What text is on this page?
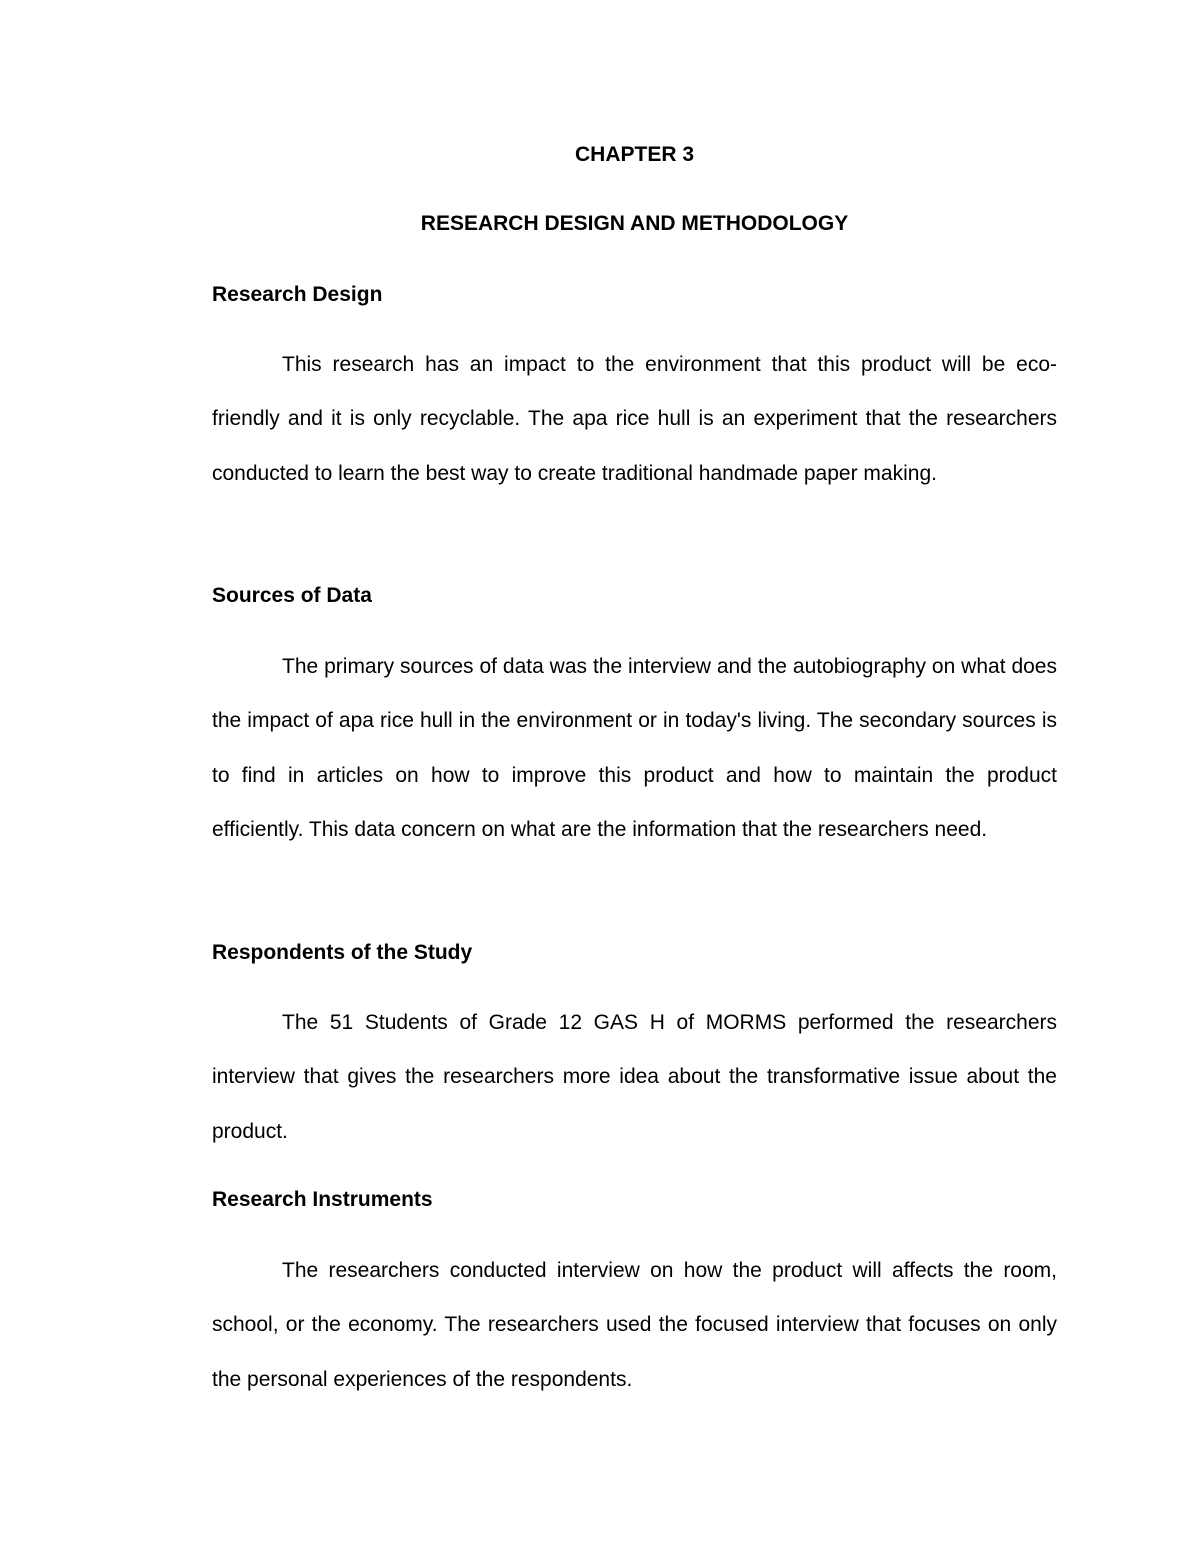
CHAPTER 3
RESEARCH DESIGN AND METHODOLOGY
Research Design

This research has an impact to the environment that this product will be eco-friendly and it is only recyclable. The apa rice hull is an experiment that the researchers conducted to learn the best way to create traditional handmade paper making.

Sources of Data

The primary sources of data was the interview and the autobiography on what does the impact of apa rice hull in the environment or in today's living. The secondary sources is to find in articles on how to improve this product and how to maintain the product efficiently. This data concern on what are the information that the researchers need.

Respondents of the Study

The 51 Students of Grade 12 GAS H of MORMS performed the researchers interview that gives the researchers more idea about the transformative issue about the product.

Research Instruments

The researchers conducted interview on how the product will affects the room, school, or the economy. The researchers used the focused interview that focuses on only the personal experiences of the respondents.
